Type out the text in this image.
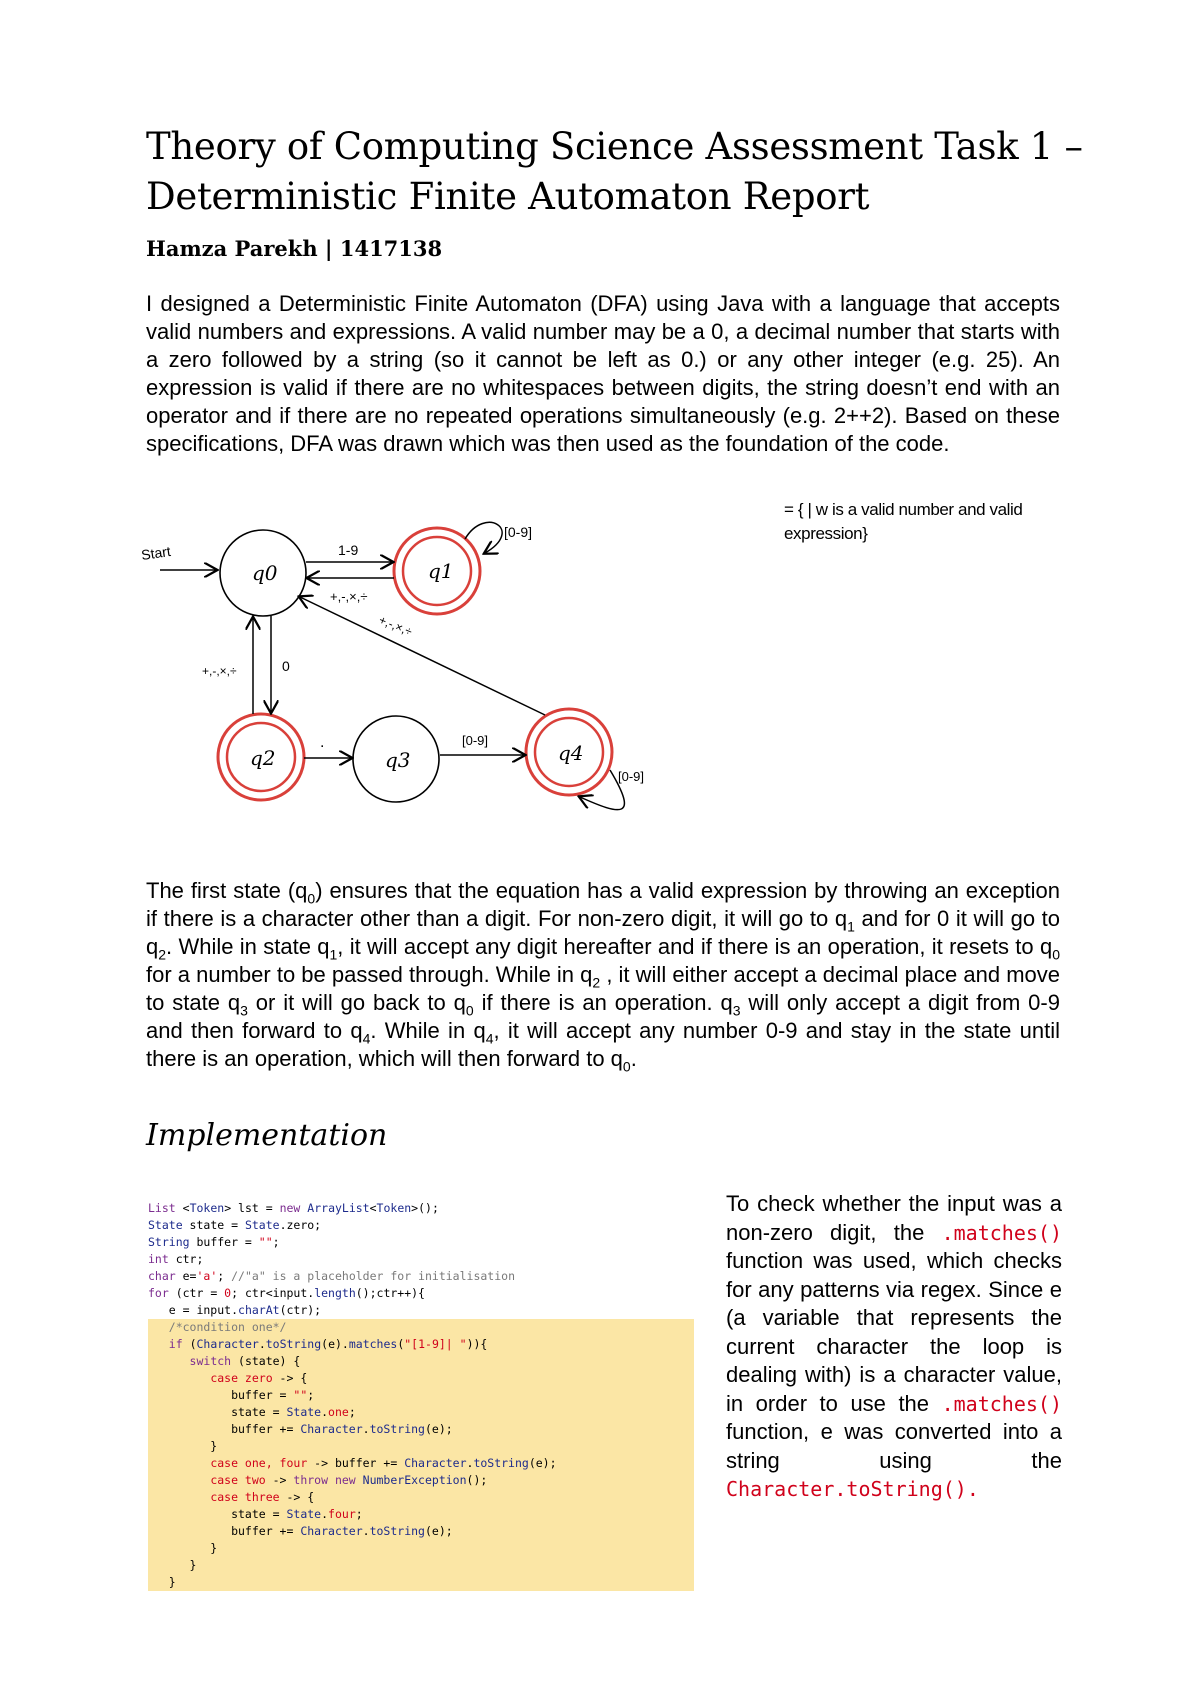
Theory of Computing Science Assessment Task 1 –
Deterministic Finite Automaton Report

Hamza Parekh | 1417138

I designed a Deterministic Finite Automaton (DFA) using Java with a language that accepts valid numbers and expressions. A valid number may be a 0, a decimal number that starts with a zero followed by a string (so it cannot be left as 0.) or any other integer (e.g. 25). An expression is valid if there are no whitespaces between digits, the string doesn’t end with an operator and if there are no repeated operations simultaneously (e.g. 2++2). Based on these specifications, DFA was drawn which was then used as the foundation of the code.

= { | w is a valid number and valid expression}
Start
q0	q1
q2	q3	q4
1-9
+,-,×,÷
[0-9]
0
+,-,×,÷
+,-,×,÷
.	[0-9]
[0-9]

The first state $(q_0)$ ensures that the equation has a valid expression by throwing an exception if there is a character other than a digit. For non-zero digit, it will go to $q_1$ and for 0 it will go to $q_2$. While in state $q_1$, it will accept any digit hereafter and if there is an operation, it resets to $q_0$ for a number to be passed through. While in $q_2$ , it will either accept a decimal place and move to state $q_3$ or it will go back to $q_0$ if there is an operation. $q_3$ will only accept a digit from 0-9 and then forward to $q_4$. While in $q_4$, it will accept any number 0-9 and stay in the state until there is an operation, which will then forward to $q_0$.

Implementation
List <Token> lst = new ArrayList<Token>();
State state = State.zero;
String buffer = "";
int ctr;
char e='a'; //"a" is a placeholder for initialisation
for (ctr = 0; ctr<input.length();ctr++){
e = input.charAt(ctr);
/*condition one*/
if (Character.toString(e).matches("[1-9]| ")){
switch (state) {
case zero -> {
buffer = "";
state = State.one;
buffer += Character.toString(e);
}
case one, four -> buffer += Character.toString(e);
case two -> throw new NumberException();
case three -> {
state = State.four;
buffer += Character.toString(e);
}
}
}

To check whether the input was a non-zero digit, the .matches() function was used, which checks for any patterns via regex. Since e (a variable that represents the current character the loop is dealing with) is a character value, in order to use the .matches() function, e was converted into a string using the Character.toString().
